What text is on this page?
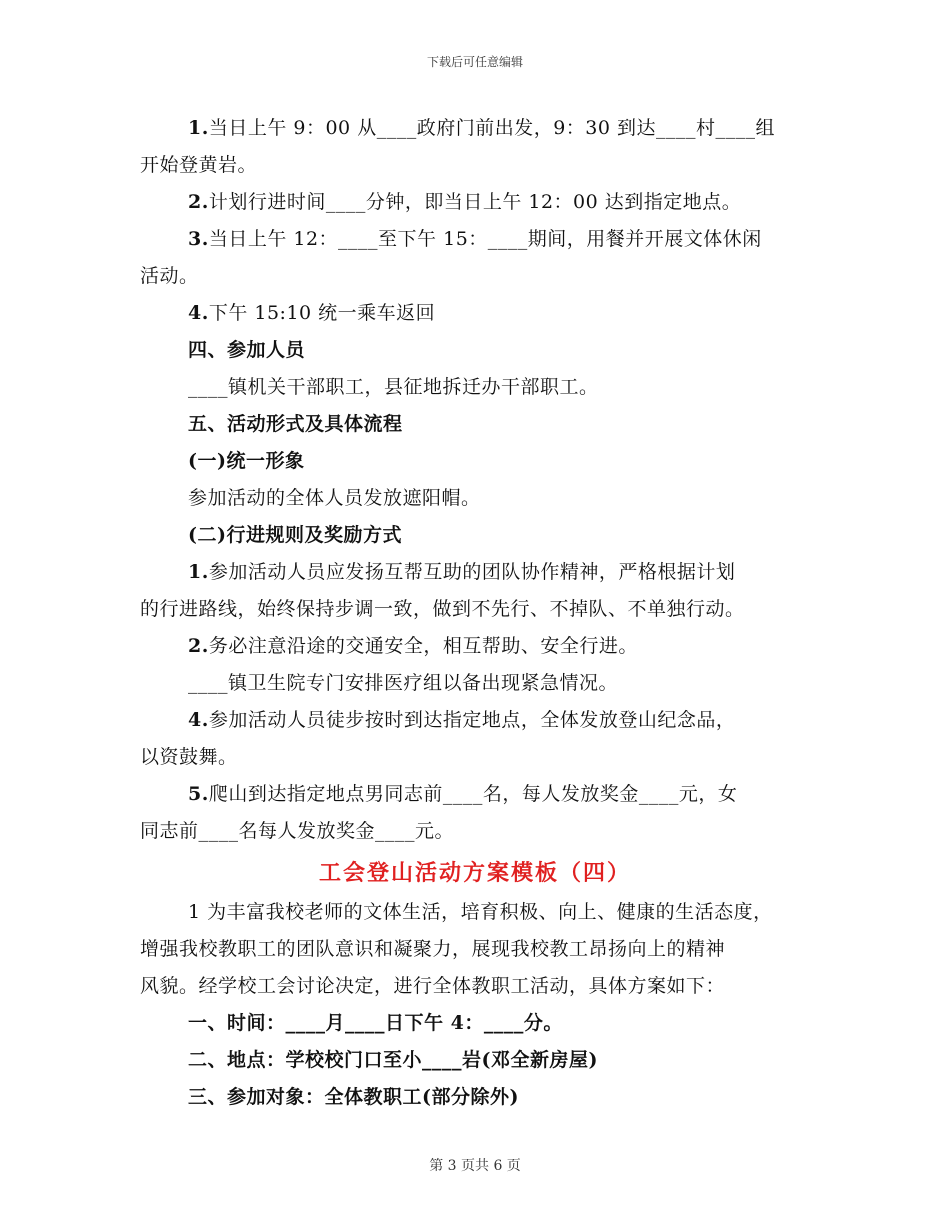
下载后可任意编辑
1.当日上午 9：00 从____政府门前出发，9：30 到达____村____组
开始登黄岩。
2.计划行进时间____分钟，即当日上午 12：00 达到指定地点。
3.当日上午 12：____至下午 15：____期间，用餐并开展文体休闲
活动。
4.下午 15:10 统一乘车返回
四、参加人员
____镇机关干部职工，县征地拆迁办干部职工。
五、活动形式及具体流程
(一)统一形象
参加活动的全体人员发放遮阳帽。
(二)行进规则及奖励方式
1.参加活动人员应发扬互帮互助的团队协作精神，严格根据计划
的行进路线，始终保持步调一致，做到不先行、不掉队、不单独行动。
2.务必注意沿途的交通安全，相互帮助、安全行进。
____镇卫生院专门安排医疗组以备出现紧急情况。
4.参加活动人员徒步按时到达指定地点，全体发放登山纪念品，
以资鼓舞。
5.爬山到达指定地点男同志前____名，每人发放奖金____元，女
同志前____名每人发放奖金____元。
工会登山活动方案模板（四）
1 为丰富我校老师的文体生活，培育积极、向上、健康的生活态度，
增强我校教职工的团队意识和凝聚力，展现我校教工昂扬向上的精神
风貌。经学校工会讨论决定，进行全体教职工活动，具体方案如下：
一、时间：____月____日下午 4：____分。
二、地点：学校校门口至小____岩(邓全新房屋)
三、参加对象：全体教职工(部分除外)
第 3 页共 6 页
